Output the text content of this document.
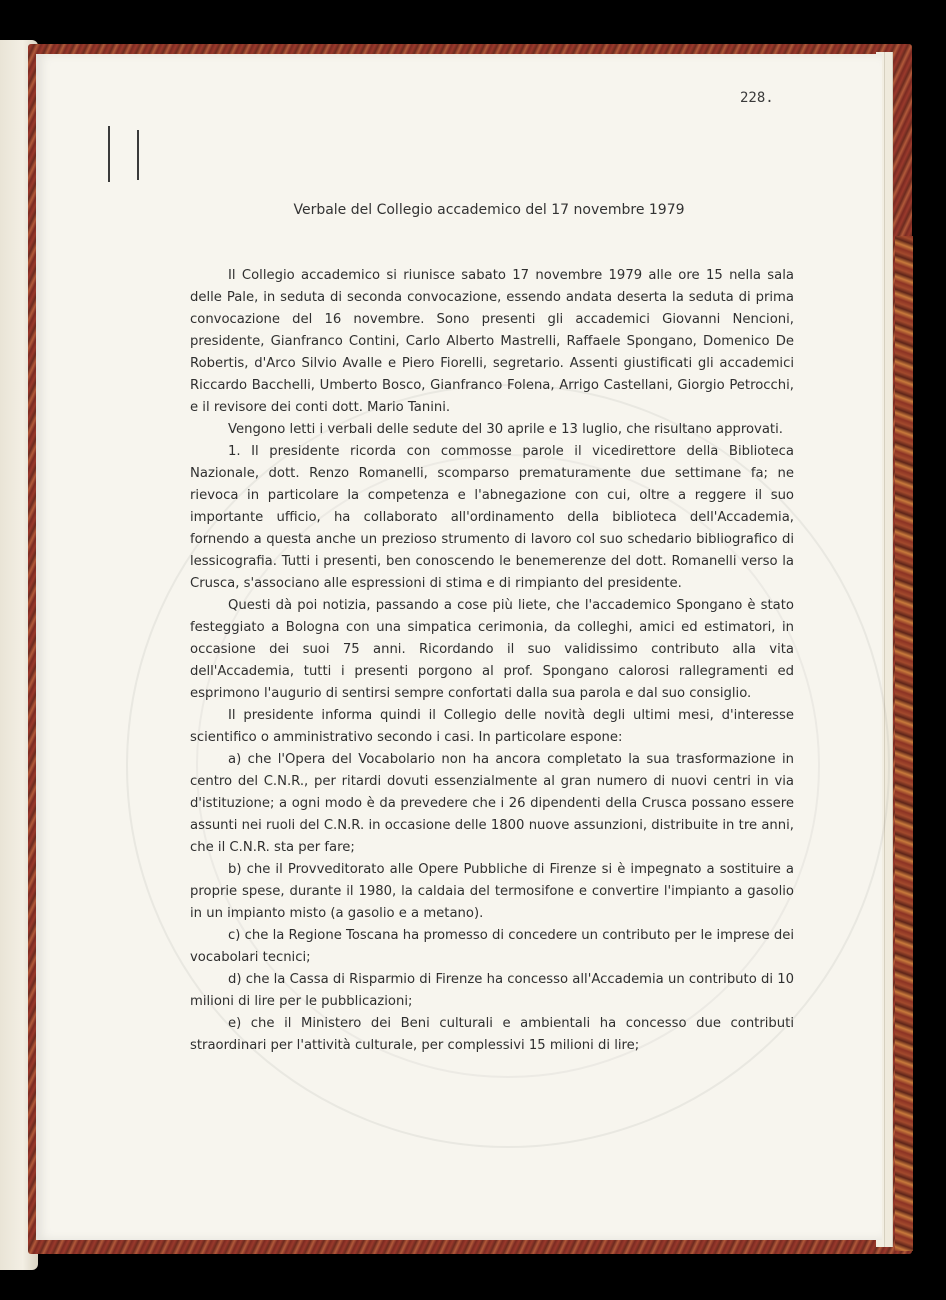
228.
Verbale del Collegio accademico del 17 novembre 1979

Il Collegio accademico si riunisce sabato 17 novembre 1979 alle ore 15 nella sala delle Pale, in seduta di seconda convocazione, essendo andata deserta la seduta di prima convocazione del 16 novembre. Sono presenti gli accademici Giovanni Nencioni, presidente, Gianfranco Contini, Carlo Alberto Mastrelli, Raffaele Spongano, Domenico De Robertis, d'Arco Silvio Avalle e Piero Fiorelli, segretario. Assenti giustificati gli accademici Riccardo Bacchelli, Umberto Bosco, Gianfranco Folena, Arrigo Castellani, Giorgio Petrocchi, e il revisore dei conti dott. Mario Tanini.

Vengono letti i verbali delle sedute del 30 aprile e 13 luglio, che risultano approvati.

1. Il presidente ricorda con commosse parole il vicedirettore della Biblioteca Nazionale, dott. Renzo Romanelli, scomparso prematuramente due settimane fa; ne rievoca in particolare la competenza e l'abnegazione con cui, oltre a reggere il suo importante ufficio, ha collaborato all'ordinamento della biblioteca dell'Accademia, fornendo a questa anche un prezioso strumento di lavoro col suo schedario bibliografico di lessicografia. Tutti i presenti, ben conoscendo le benemerenze del dott. Romanelli verso la Crusca, s'associano alle espressioni di stima e di rimpianto del presidente.

Questi dà poi notizia, passando a cose più liete, che l'accademico Spongano è stato festeggiato a Bologna con una simpatica cerimonia, da colleghi, amici ed estimatori, in occasione dei suoi 75 anni. Ricordando il suo validissimo contributo alla vita dell'Accademia, tutti i presenti porgono al prof. Spongano calorosi rallegramenti ed esprimono l'augurio di sentirsi sempre confortati dalla sua parola e dal suo consiglio.

Il presidente informa quindi il Collegio delle novità degli ultimi mesi, d'interesse scientifico o amministrativo secondo i casi. In particolare espone:

a) che l'Opera del Vocabolario non ha ancora completato la sua trasformazione in centro del C.N.R., per ritardi dovuti essenzialmente al gran numero di nuovi centri in via d'istituzione; a ogni modo è da prevedere che i 26 dipendenti della Crusca possano essere assunti nei ruoli del C.N.R. in occasione delle 1800 nuove assunzioni, distribuite in tre anni, che il C.N.R. sta per fare;

b) che il Provveditorato alle Opere Pubbliche di Firenze si è impegnato a sostituire a proprie spese, durante il 1980, la caldaia del termosifone e convertire l'impianto a gasolio in un impianto misto (a gasolio e a metano).

c) che la Regione Toscana ha promesso di concedere un contributo per le imprese dei vocabolari tecnici;

d) che la Cassa di Risparmio di Firenze ha concesso all'Accademia un contributo di 10 milioni di lire per le pubblicazioni;

e) che il Ministero dei Beni culturali e ambientali ha concesso due contributi straordinari per l'attività culturale, per complessivi 15 milioni di lire;
